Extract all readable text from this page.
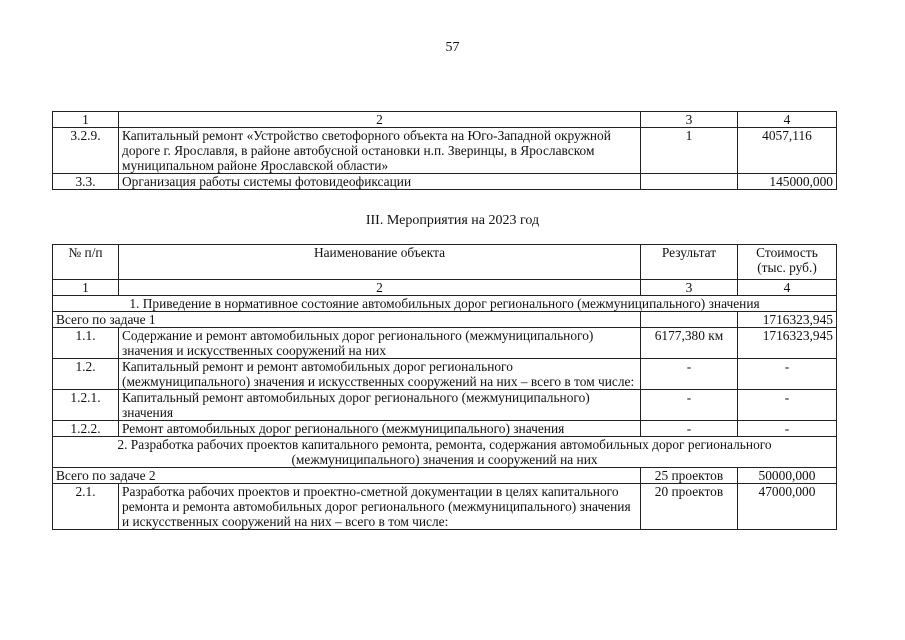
57
1	2	3	4
3.2.9.	Капитальный ремонт «Устройство светофорного объекта на Юго-Западной окружной дороге г. Ярославля, в районе автобусной остановки н.п. Зверинцы, в Ярославском муниципальном районе Ярославской области»	1	4057,116
3.3.	Организация работы системы фотовидеофиксации		145000,000
III. Мероприятия на 2023 год
№ п/п	Наименование объекта	Результат	Стоимость (тыс. руб.)
1	2	3	4
1. Приведение в нормативное состояние автомобильных дорог регионального (межмуниципального) значения			
Всего по задаче 1			1716323,945
1.1.	Содержание и ремонт автомобильных дорог регионального (межмуниципального) значения и искусственных сооружений на них	6177,380 км	1716323,945
1.2.	Капитальный ремонт и ремонт автомобильных дорог регионального (межмуниципального) значения и искусственных сооружений на них – всего в том числе:	-	-
1.2.1.	Капитальный ремонт автомобильных дорог регионального (межмуниципального) значения	-	-
1.2.2.	Ремонт автомобильных дорог регионального (межмуниципального) значения	-	-
2. Разработка рабочих проектов капитального ремонта, ремонта, содержания автомобильных дорог регионального (межмуниципального) значения и сооружений на них			
Всего по задаче 2		25 проектов	50000,000
2.1.	Разработка рабочих проектов и проектно-сметной документации в целях капитального ремонта и ремонта автомобильных дорог регионального (межмуниципального) значения и искусственных сооружений на них – всего в том числе:	20 проектов	47000,000
